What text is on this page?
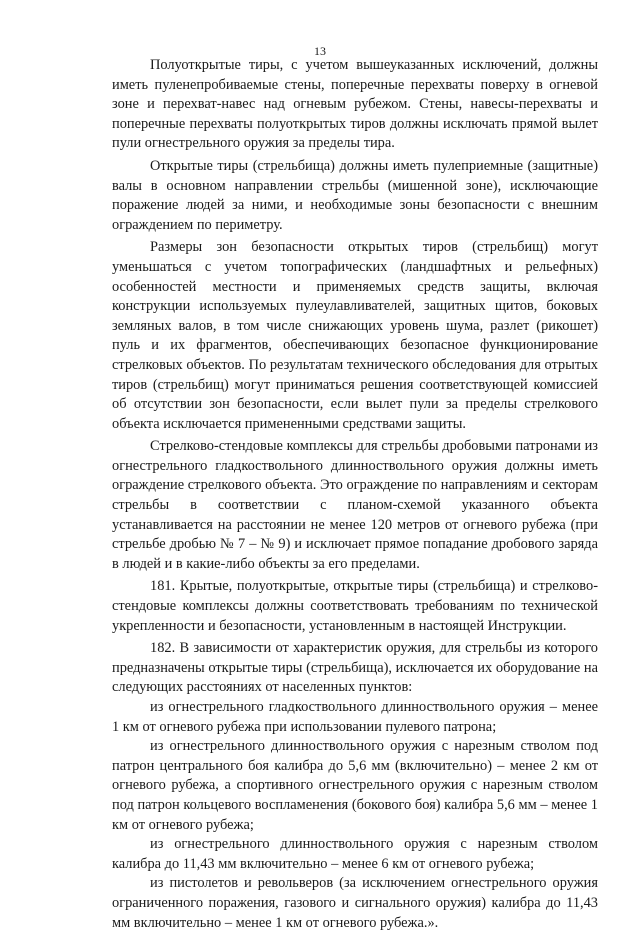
13

Полуоткрытые тиры, с учетом вышеуказанных исключений, должны иметь пуленепробиваемые стены, поперечные перехваты поверху в огневой зоне и перехват-навес над огневым рубежом. Стены, навесы-перехваты и поперечные перехваты полуоткрытых тиров должны исключать прямой вылет пули огнестрельного оружия за пределы тира.

Открытые тиры (стрельбища) должны иметь пулеприемные (защитные) валы в основном направлении стрельбы (мишенной зоне), исключающие поражение людей за ними, и необходимые зоны безопасности с внешним ограждением по периметру.

Размеры зон безопасности открытых тиров (стрельбищ) могут уменьшаться с учетом топографических (ландшафтных и рельефных) особенностей местности и применяемых средств защиты, включая конструкции используемых пулеулавливателей, защитных щитов, боковых земляных валов, в том числе снижающих уровень шума, разлет (рикошет) пуль и их фрагментов, обеспечивающих безопасное функционирование стрелковых объектов. По результатам технического обследования для отрытых тиров (стрельбищ) могут приниматься решения соответствующей комиссией об отсутствии зон безопасности, если вылет пули за пределы стрелкового объекта исключается примененными средствами защиты.

Стрелково-стендовые комплексы для стрельбы дробовыми патронами из огнестрельного гладкоствольного длинноствольного оружия должны иметь ограждение стрелкового объекта. Это ограждение по направлениям и секторам стрельбы в соответствии с планом-схемой указанного объекта устанавливается на расстоянии не менее 120 метров от огневого рубежа (при стрельбе дробью № 7 – № 9) и исключает прямое попадание дробового заряда в людей и в какие-либо объекты за его пределами.

181. Крытые, полуоткрытые, открытые тиры (стрельбища) и стрелково-стендовые комплексы должны соответствовать требованиям по технической укрепленности и безопасности, установленным в настоящей Инструкции.

182. В зависимости от характеристик оружия, для стрельбы из которого предназначены открытые тиры (стрельбища), исключается их оборудование на следующих расстояниях от населенных пунктов:

из огнестрельного гладкоствольного длинноствольного оружия – менее 1 км от огневого рубежа при использовании пулевого патрона;

из огнестрельного длинноствольного оружия с нарезным стволом под патрон центрального боя калибра до 5,6 мм (включительно) – менее 2 км от огневого рубежа, а спортивного огнестрельного оружия с нарезным стволом под патрон кольцевого воспламенения (бокового боя) калибра 5,6 мм – менее 1 км от огневого рубежа;

из огнестрельного длинноствольного оружия с нарезным стволом калибра до 11,43 мм включительно – менее 6 км от огневого рубежа;

из пистолетов и револьверов (за исключением огнестрельного оружия ограниченного поражения, газового и сигнального оружия) калибра до 11,43 мм включительно – менее 1 км от огневого рубежа.».
